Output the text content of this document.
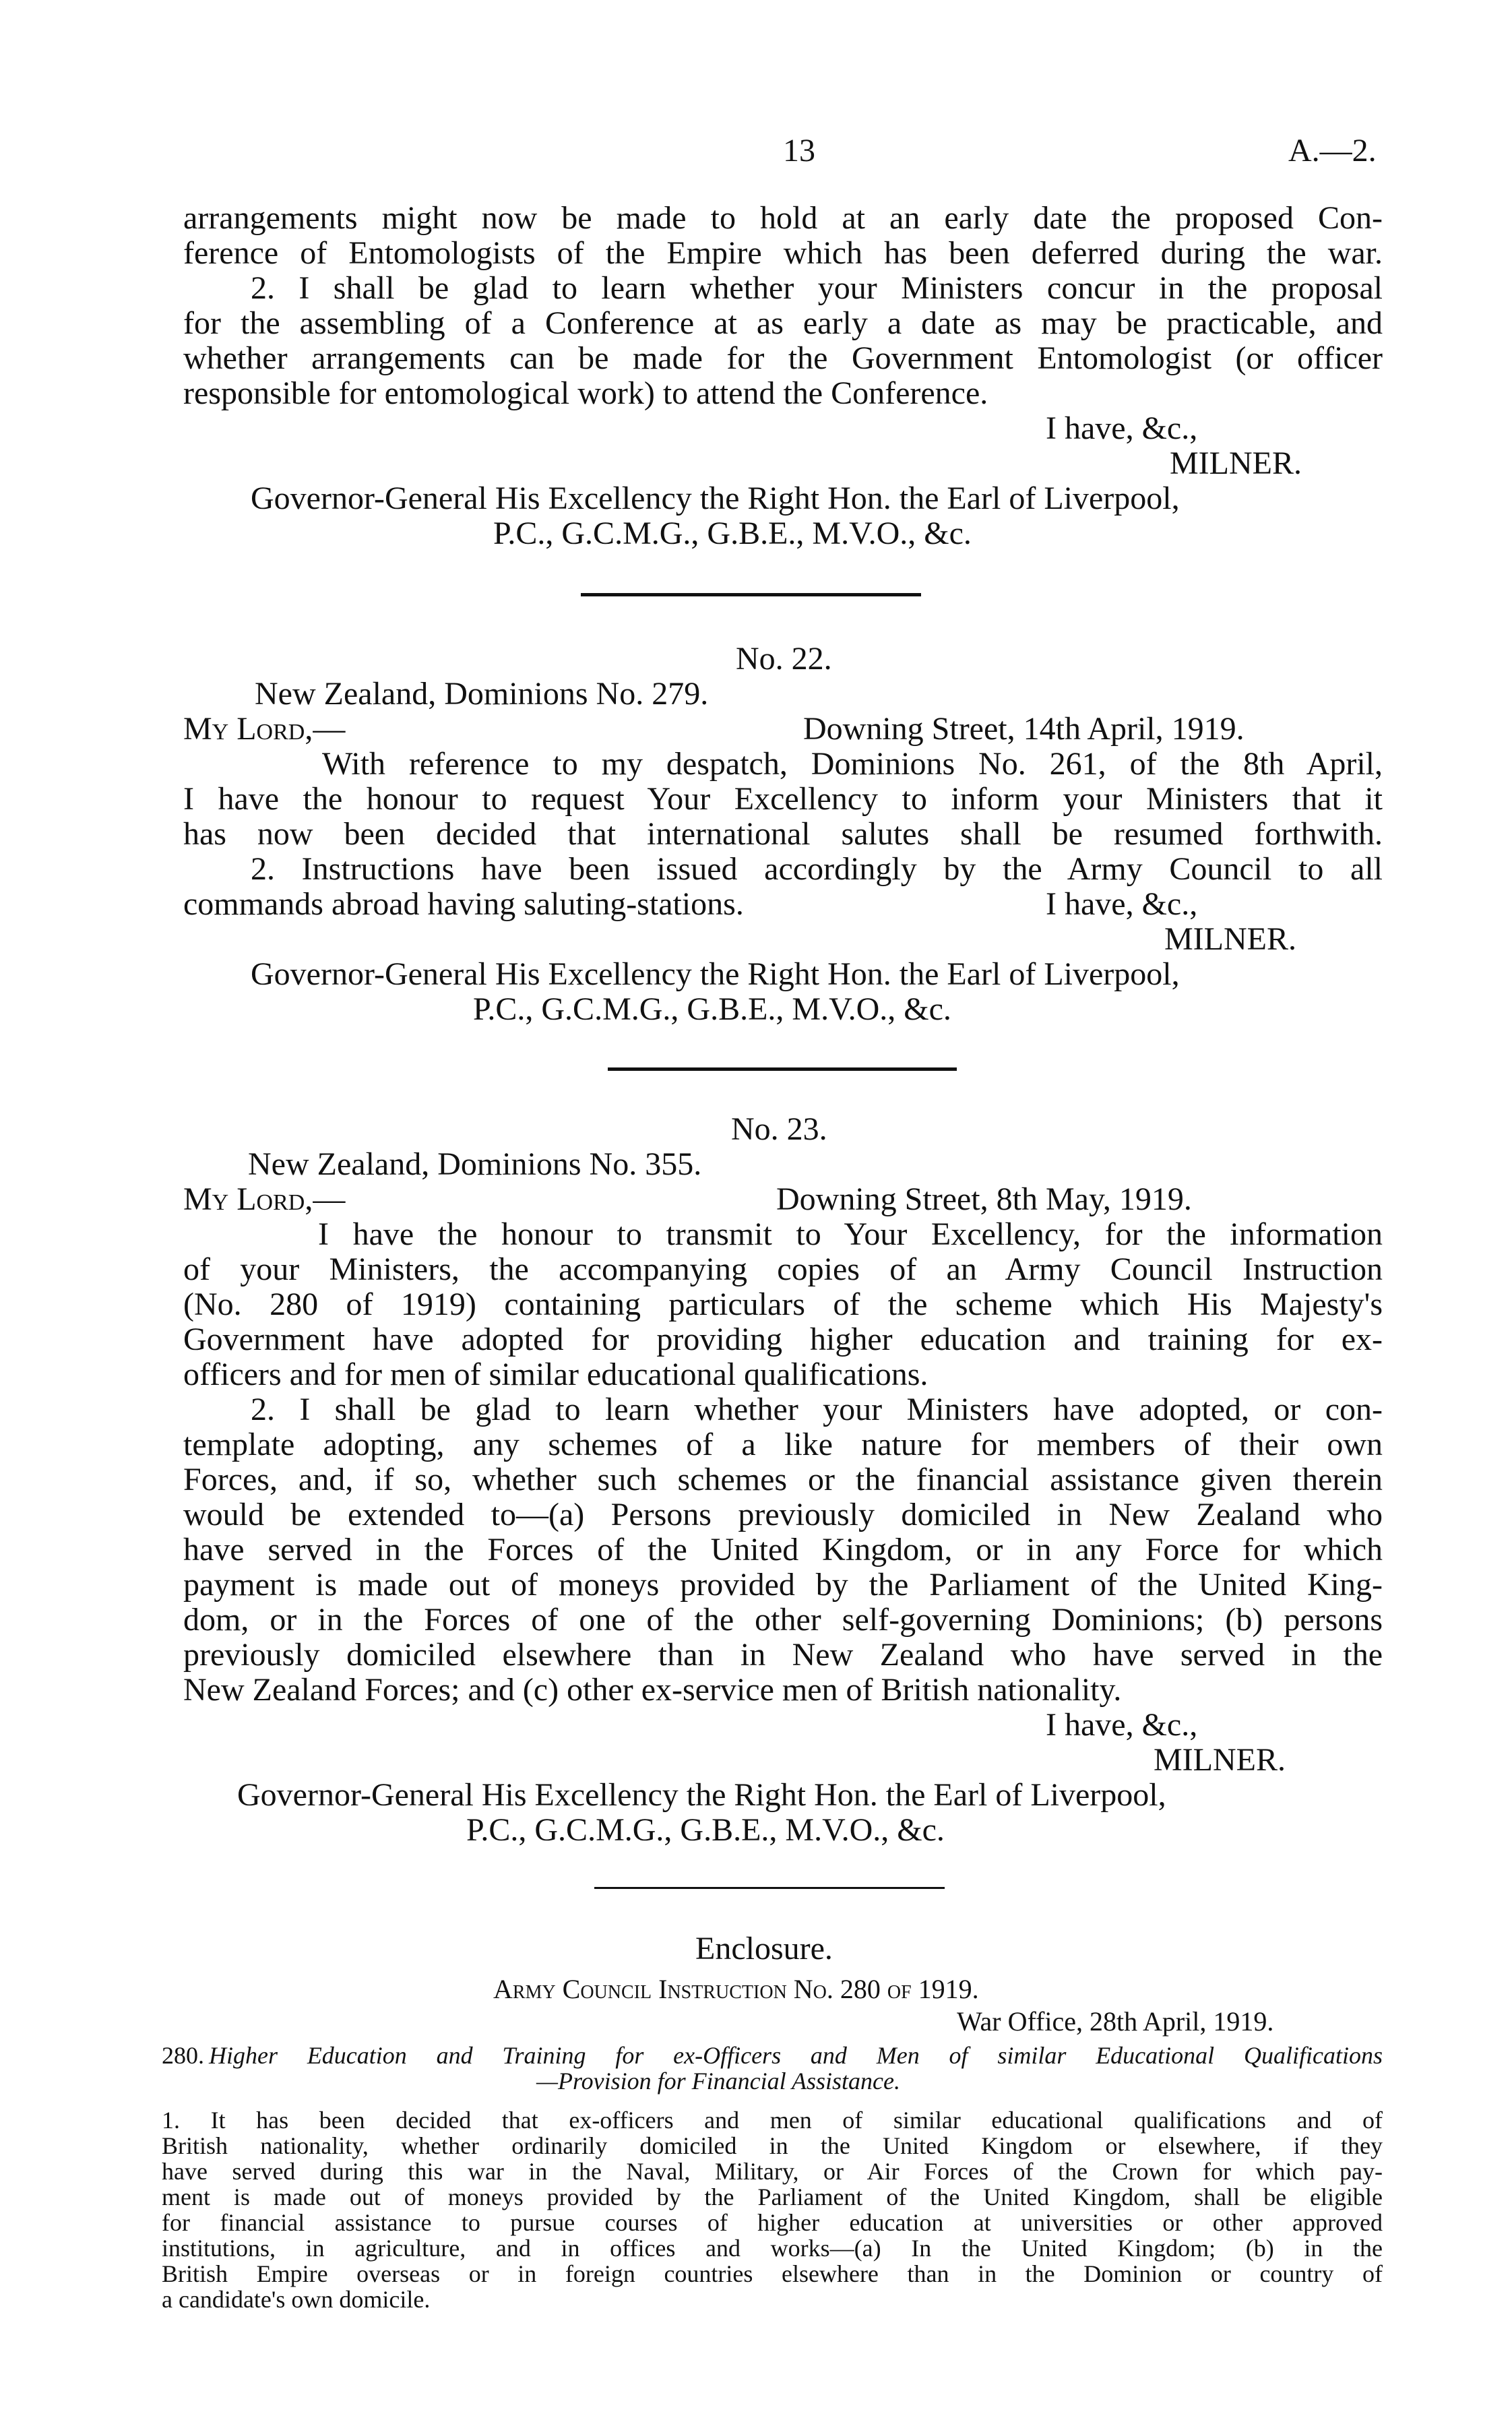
13	A.—2.
arrangements might now be made to hold at an early date the proposed Con-
ference of Entomologists of the Empire which has been deferred during the war.
2. I shall be glad to learn whether your Ministers concur in the proposal
for the assembling of a Conference at as early a date as may be practicable, and
whether arrangements can be made for the Government Entomologist (or officer
responsible for entomological work) to attend the Conference.
I have, &c.,
MILNER.
Governor-General His Excellency the Right Hon. the Earl of Liverpool,
P.C., G.C.M.G., G.B.E., M.V.O., &c.
No. 22.
New Zealand, Dominions No. 279.
My Lord,—	Downing Street, 14th April, 1919.
With reference to my despatch, Dominions No. 261, of the 8th April,
I have the honour to request Your Excellency to inform your Ministers that it
has now been decided that international salutes shall be resumed forthwith.
2. Instructions have been issued accordingly by the Army Council to all
commands abroad having saluting-stations.	I have, &c.,
MILNER.
Governor-General His Excellency the Right Hon. the Earl of Liverpool,
P.C., G.C.M.G., G.B.E., M.V.O., &c.
No. 23.
New Zealand, Dominions No. 355.
My Lord,—	Downing Street, 8th May, 1919.
I have the honour to transmit to Your Excellency, for the information
of your Ministers, the accompanying copies of an Army Council Instruction
(No. 280 of 1919) containing particulars of the scheme which His Majesty's
Government have adopted for providing higher education and training for ex-
officers and for men of similar educational qualifications.
2. I shall be glad to learn whether your Ministers have adopted, or con-
template adopting, any schemes of a like nature for members of their own
Forces, and, if so, whether such schemes or the financial assistance given therein
would be extended to—(a) Persons previously domiciled in New Zealand who
have served in the Forces of the United Kingdom, or in any Force for which
payment is made out of moneys provided by the Parliament of the United King-
dom, or in the Forces of one of the other self-governing Dominions; (b) persons
previously domiciled elsewhere than in New Zealand who have served in the
New Zealand Forces; and (c) other ex-service men of British nationality.
I have, &c.,
MILNER.
Governor-General His Excellency the Right Hon. the Earl of Liverpool,
P.C., G.C.M.G., G.B.E., M.V.O., &c.
Enclosure.
Army Council Instruction No. 280 of 1919.
War Office, 28th April, 1919.
280. Higher Education and Training for ex-Officers and Men of similar Educational Qualifications
—Provision for Financial Assistance.
1. It has been decided that ex-officers and men of similar educational qualifications and of
British nationality, whether ordinarily domiciled in the United Kingdom or elsewhere, if they
have served during this war in the Naval, Military, or Air Forces of the Crown for which pay-
ment is made out of moneys provided by the Parliament of the United Kingdom, shall be eligible
for financial assistance to pursue courses of higher education at universities or other approved
institutions, in agriculture, and in offices and works—(a) In the United Kingdom; (b) in the
British Empire overseas or in foreign countries elsewhere than in the Dominion or country of
a candidate's own domicile.
